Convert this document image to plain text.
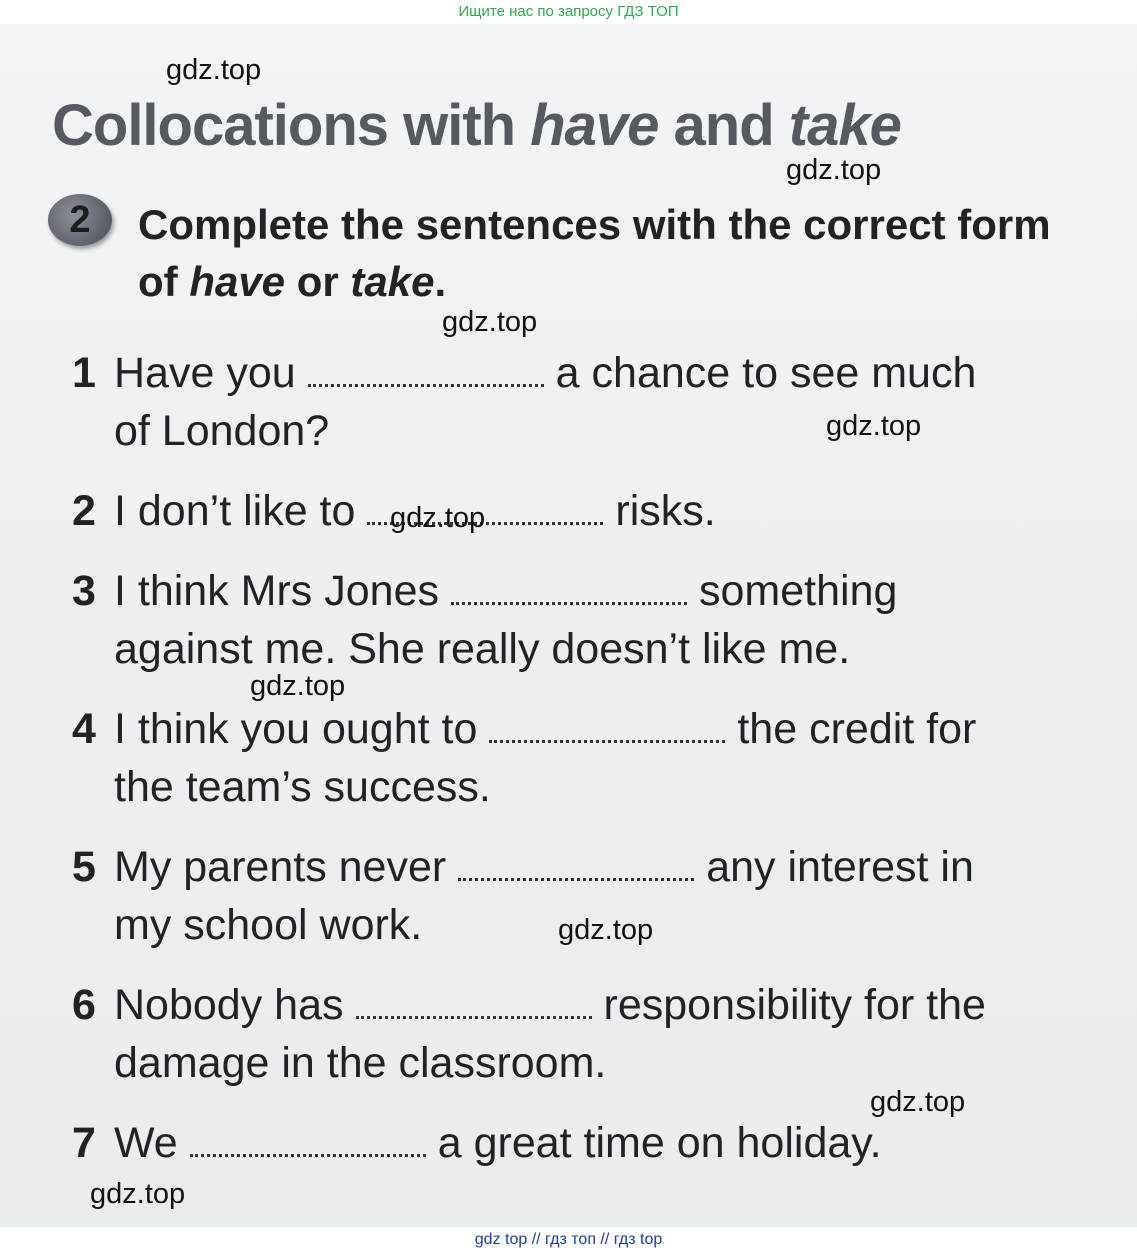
Ищите нас по запросу ГДЗ ТОП
Collocations with have and take
2	Complete the sentences with the correct form of have or take.
1 Have you	a chance to see much
of London?
2 I don’t like to	risks.
3 I think Mrs Jones	something
against me. She really doesn’t like me.
4 I think you ought to	the credit for
the team’s success.
5 My parents never	any interest in
my school work.
6 Nobody has	responsibility for the
damage in the classroom.
7 We	a great time on holiday.
gdz.top
gdz.top
gdz.top
gdz.top
gdz.top
gdz.top
gdz.top
gdz.top
gdz.top
gdz top // гдз топ // гдз top
